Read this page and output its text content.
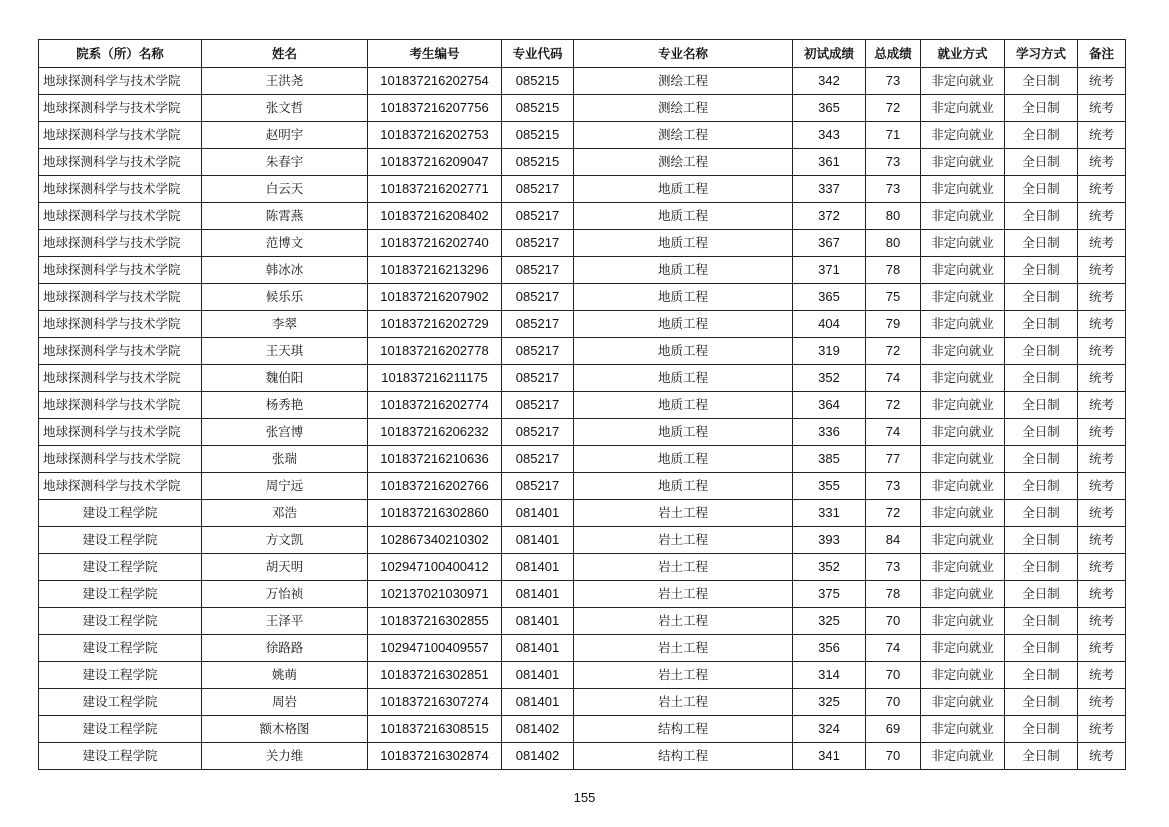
院系（所）名称	姓名	考生编号	专业代码	专业名称	初试成绩	总成绩	就业方式	学习方式	备注
地球探测科学与技术学院	王洪尧	101837216202754	085215	测绘工程	342	73	非定向就业	全日制	统考
地球探测科学与技术学院	张文哲	101837216207756	085215	测绘工程	365	72	非定向就业	全日制	统考
地球探测科学与技术学院	赵明宇	101837216202753	085215	测绘工程	343	71	非定向就业	全日制	统考
地球探测科学与技术学院	朱春宇	101837216209047	085215	测绘工程	361	73	非定向就业	全日制	统考
地球探测科学与技术学院	白云天	101837216202771	085217	地质工程	337	73	非定向就业	全日制	统考
地球探测科学与技术学院	陈霄燕	101837216208402	085217	地质工程	372	80	非定向就业	全日制	统考
地球探测科学与技术学院	范博文	101837216202740	085217	地质工程	367	80	非定向就业	全日制	统考
地球探测科学与技术学院	韩冰冰	101837216213296	085217	地质工程	371	78	非定向就业	全日制	统考
地球探测科学与技术学院	候乐乐	101837216207902	085217	地质工程	365	75	非定向就业	全日制	统考
地球探测科学与技术学院	李翠	101837216202729	085217	地质工程	404	79	非定向就业	全日制	统考
地球探测科学与技术学院	王天琪	101837216202778	085217	地质工程	319	72	非定向就业	全日制	统考
地球探测科学与技术学院	魏伯阳	101837216211175	085217	地质工程	352	74	非定向就业	全日制	统考
地球探测科学与技术学院	杨秀艳	101837216202774	085217	地质工程	364	72	非定向就业	全日制	统考
地球探测科学与技术学院	张宫博	101837216206232	085217	地质工程	336	74	非定向就业	全日制	统考
地球探测科学与技术学院	张瑞	101837216210636	085217	地质工程	385	77	非定向就业	全日制	统考
地球探测科学与技术学院	周宁远	101837216202766	085217	地质工程	355	73	非定向就业	全日制	统考
建设工程学院	邓浩	101837216302860	081401	岩土工程	331	72	非定向就业	全日制	统考
建设工程学院	方文凯	102867340210302	081401	岩土工程	393	84	非定向就业	全日制	统考
建设工程学院	胡天明	102947100400412	081401	岩土工程	352	73	非定向就业	全日制	统考
建设工程学院	万怡祯	102137021030971	081401	岩土工程	375	78	非定向就业	全日制	统考
建设工程学院	王泽平	101837216302855	081401	岩土工程	325	70	非定向就业	全日制	统考
建设工程学院	徐路路	102947100409557	081401	岩土工程	356	74	非定向就业	全日制	统考
建设工程学院	姚萌	101837216302851	081401	岩土工程	314	70	非定向就业	全日制	统考
建设工程学院	周岩	101837216307274	081401	岩土工程	325	70	非定向就业	全日制	统考
建设工程学院	额木格图	101837216308515	081402	结构工程	324	69	非定向就业	全日制	统考
建设工程学院	关力维	101837216302874	081402	结构工程	341	70	非定向就业	全日制	统考
155
